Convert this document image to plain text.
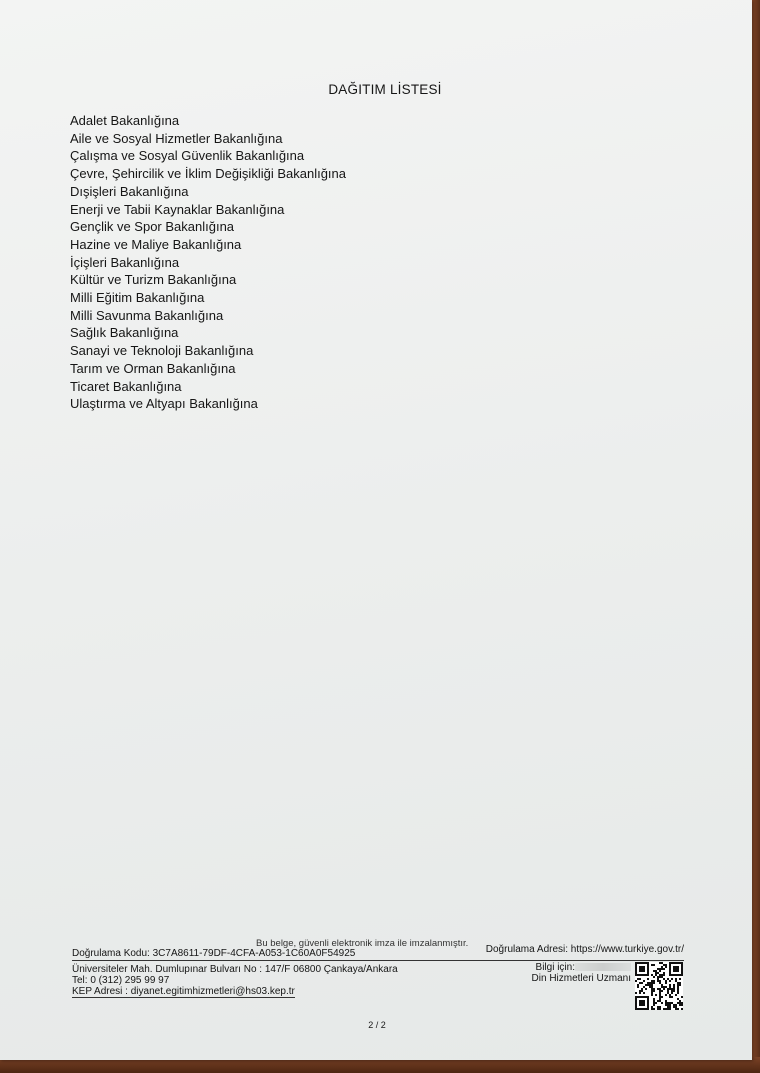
DAĞITIM LİSTESİ
Adalet Bakanlığına
Aile ve Sosyal Hizmetler Bakanlığına
Çalışma ve Sosyal Güvenlik Bakanlığına
Çevre, Şehircilik ve İklim Değişikliği Bakanlığına
Dışişleri Bakanlığına
Enerji ve Tabii Kaynaklar Bakanlığına
Gençlik ve Spor Bakanlığına
Hazine ve Maliye Bakanlığına
İçişleri Bakanlığına
Kültür ve Turizm Bakanlığına
Milli Eğitim Bakanlığına
Milli Savunma Bakanlığına
Sağlık Bakanlığına
Sanayi ve Teknoloji Bakanlığına
Tarım ve Orman Bakanlığına
Ticaret Bakanlığına
Ulaştırma ve Altyapı Bakanlığına
Bu belge, güvenli elektronik imza ile imzalanmıştır.
Doğrulama Kodu: 3C7A8611-79DF-4CFA-A053-1C60A0F54925	Doğrulama Adresi: https://www.turkiye.gov.tr/
Üniversiteler Mah. Dumlupınar Bulvarı No : 147/F 06800 Çankaya/Ankara
Tel: 0 (312) 295 99 97
KEP Adresi : diyanet.egitimhizmetleri@hs03.kep.tr
Bilgi için:
Din Hizmetleri Uzmanı
2 / 2
